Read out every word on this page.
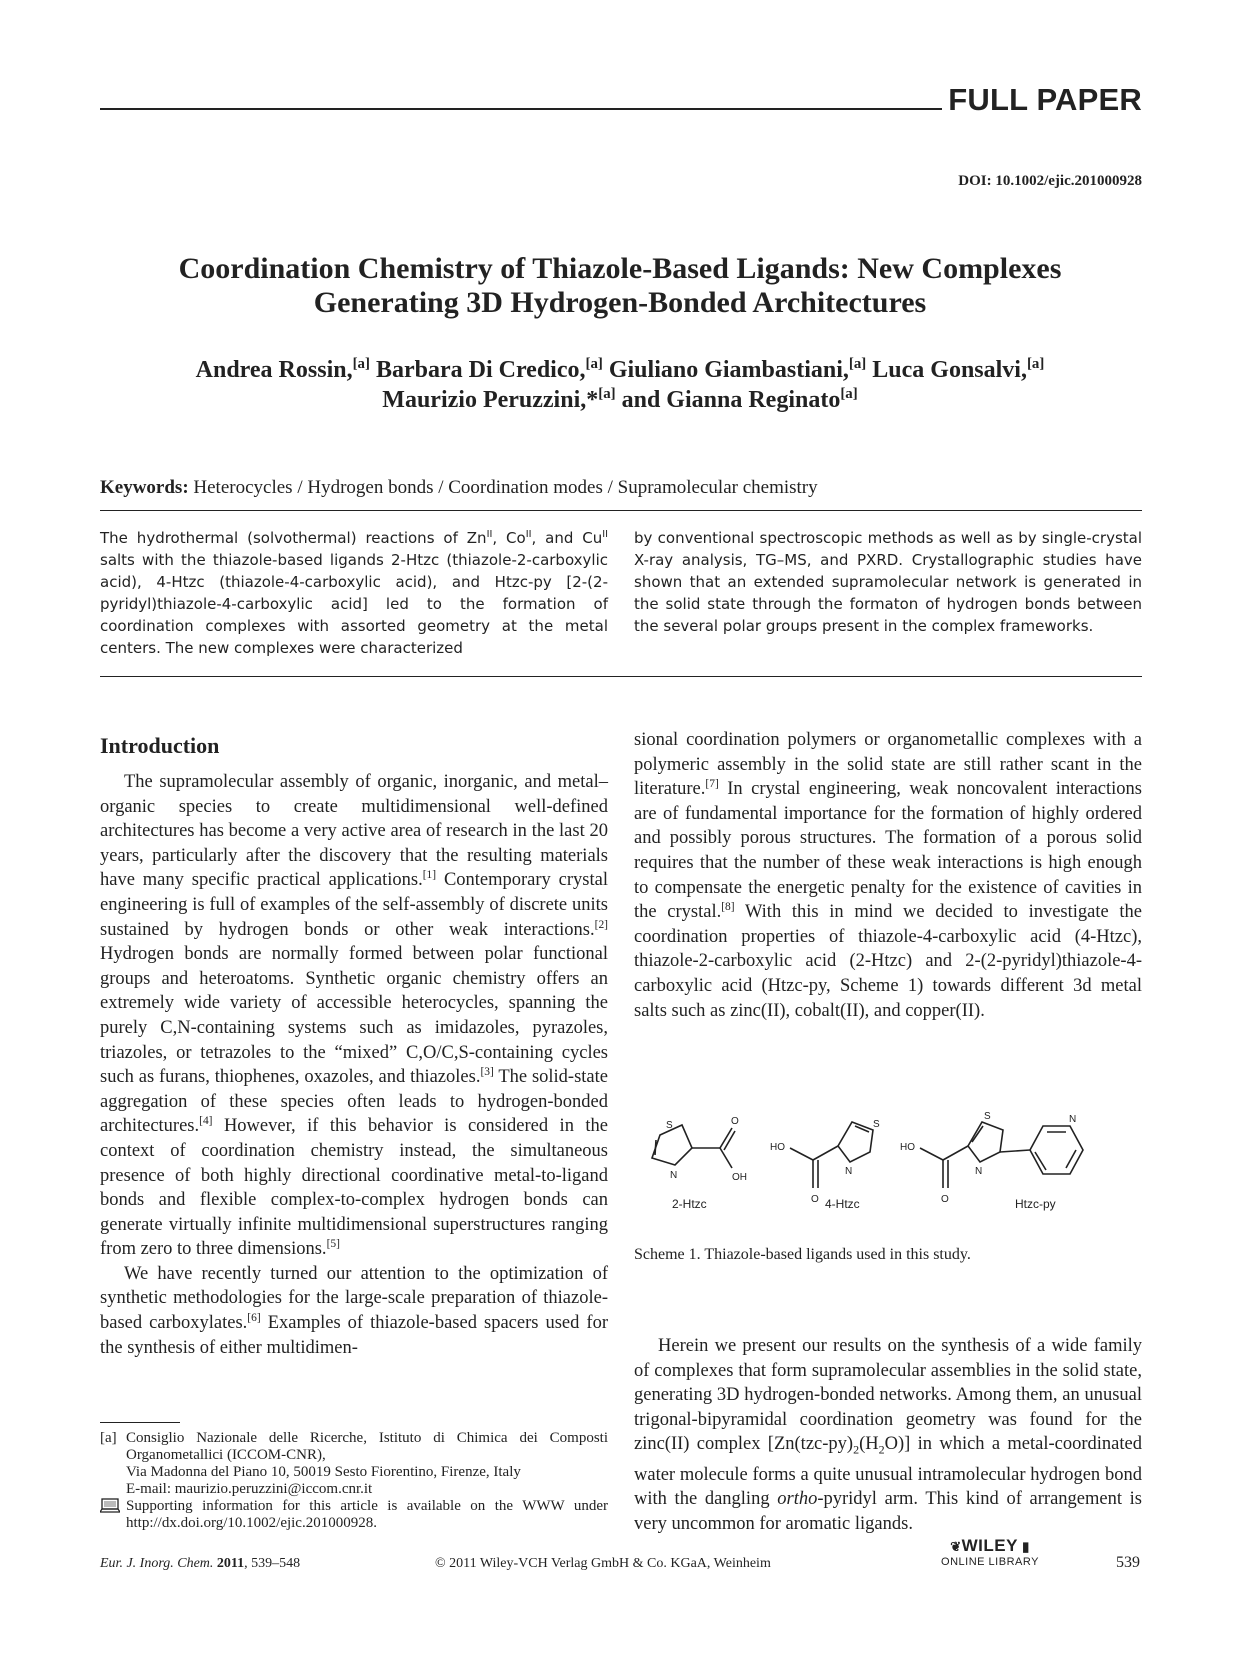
FULL PAPER
DOI: 10.1002/ejic.201000928
Coordination Chemistry of Thiazole-Based Ligands: New Complexes
Generating 3D Hydrogen-Bonded Architectures
Andrea Rossin,[a] Barbara Di Credico,[a] Giuliano Giambastiani,[a] Luca Gonsalvi,[a]
Maurizio Peruzzini,*[a] and Gianna Reginato[a]
Keywords: Heterocycles / Hydrogen bonds / Coordination modes / Supramolecular chemistry

The hydrothermal (solvothermal) reactions of $Zn^{II}$, $Co^{II}$, and $Cu^{II}$ salts with the thiazole-based ligands 2-Htzc (thiazole-2-carboxylic acid), 4-Htzc (thiazole-4-carboxylic acid), and Htzc-py [2-(2-pyridyl)thiazole-4-carboxylic acid] led to the formation of coordination complexes with assorted geometry at the metal centers. The new complexes were characterized

by conventional spectroscopic methods as well as by single-crystal X-ray analysis, TG–MS, and PXRD. Crystallographic studies have shown that an extended supramolecular network is generated in the solid state through the formaton of hydrogen bonds between the several polar groups present in the complex frameworks.

Introduction

The supramolecular assembly of organic, inorganic, and metal–organic species to create multidimensional well-defined architectures has become a very active area of research in the last 20 years, particularly after the discovery that the resulting materials have many specific practical applications.[1] Contemporary crystal engineering is full of examples of the self-assembly of discrete units sustained by hydrogen bonds or other weak interactions.[2] Hydrogen bonds are normally formed between polar functional groups and heteroatoms. Synthetic organic chemistry offers an extremely wide variety of accessible heterocycles, spanning the purely C,N-containing systems such as imidazoles, pyrazoles, triazoles, or tetrazoles to the “mixed” C,O/C,S-containing cycles such as furans, thiophenes, oxazoles, and thiazoles.[3] The solid-state aggregation of these species often leads to hydrogen-bonded architectures.[4] However, if this behavior is considered in the context of coordination chemistry instead, the simultaneous presence of both highly directional coordinative metal-to-ligand bonds and flexible complex-to-complex hydrogen bonds can generate virtually infinite multidimensional superstructures ranging from zero to three dimensions.[5]

We have recently turned our attention to the optimization of synthetic methodologies for the large-scale preparation of thiazole-based carboxylates.[6] Examples of thiazole-based spacers used for the synthesis of either multidimen-

[a] Consiglio Nazionale delle Ricerche, Istituto di Chimica dei Composti Organometallici (ICCOM-CNR),
Via Madonna del Piano 10, 50019 Sesto Fiorentino, Firenze, Italy
E-mail: maurizio.peruzzini@iccom.cnr.it
Supporting information for this article is available on the WWW under http://dx.doi.org/10.1002/ejic.201000928.

sional coordination polymers or organometallic complexes with a polymeric assembly in the solid state are still rather scant in the literature.[7] In crystal engineering, weak noncovalent interactions are of fundamental importance for the formation of highly ordered and possibly porous structures. The formation of a porous solid requires that the number of these weak interactions is high enough to compensate the energetic penalty for the existence of cavities in the crystal.[8] With this in mind we decided to investigate the coordination properties of thiazole-4-carboxylic acid (4-Htzc), thiazole-2-carboxylic acid (2-Htzc) and 2-(2-pyridyl)thiazole-4-carboxylic acid (Htzc-py, Scheme 1) towards different 3d metal salts such as zinc(II), cobalt(II), and copper(II).

S
N
O
OH
HO
O
S
N
HO
O
S
N
N
2-Htzc	4-Htzc	Htzc-py
Scheme 1. Thiazole-based ligands used in this study.

Herein we present our results on the synthesis of a wide family of complexes that form supramolecular assemblies in the solid state, generating 3D hydrogen-bonded networks. Among them, an unusual trigonal-bipyramidal coordination geometry was found for the zinc(II) complex $[Zn(tzc-py)_2(H_2O)]$ in which a metal-coordinated water molecule forms a quite unusual intramolecular hydrogen bond with the dangling ortho-pyridyl arm. This kind of arrangement is very uncommon for aromatic ligands.

Eur. J. Inorg. Chem. 2011, 539–548	© 2011 Wiley-VCH Verlag GmbH & Co. KGaA, Weinheim
❦WILEY ▮
ONLINE LIBRARY	539
